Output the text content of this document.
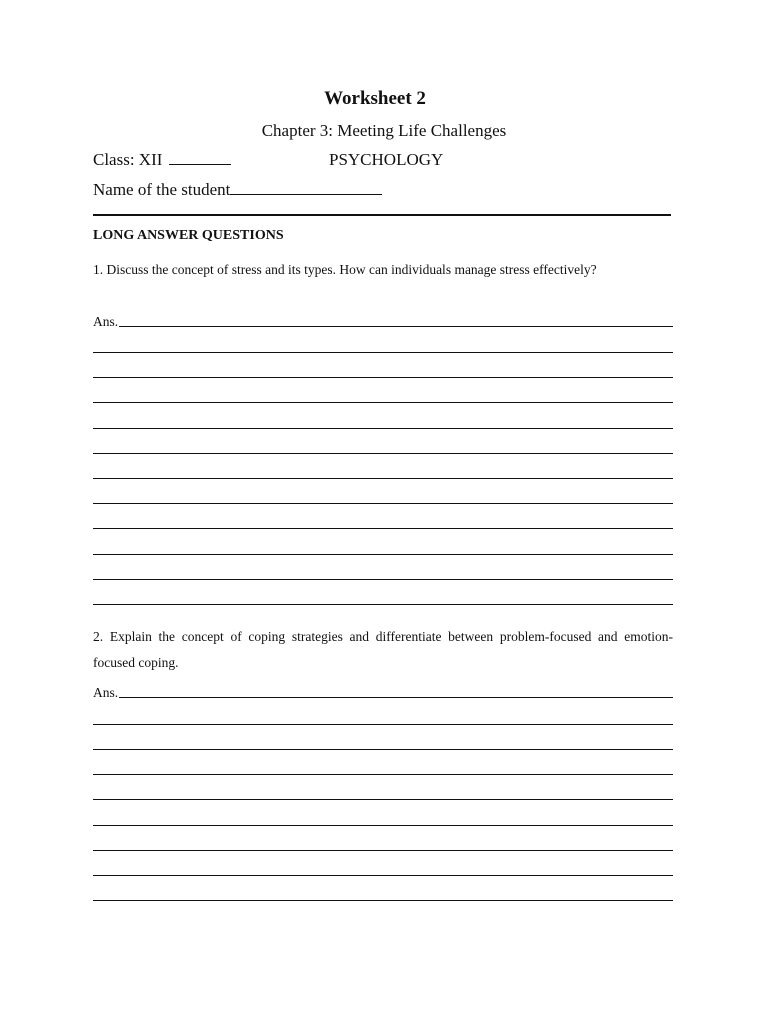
Worksheet 2
Chapter 3: Meeting Life Challenges
Class: XII	PSYCHOLOGY
Name of the student
LONG ANSWER QUESTIONS
1. Discuss the concept of stress and its types. How can individuals manage stress effectively?
Ans.
2. Explain the concept of coping strategies and differentiate between problem-focused and emotion-focused coping.
Ans.
